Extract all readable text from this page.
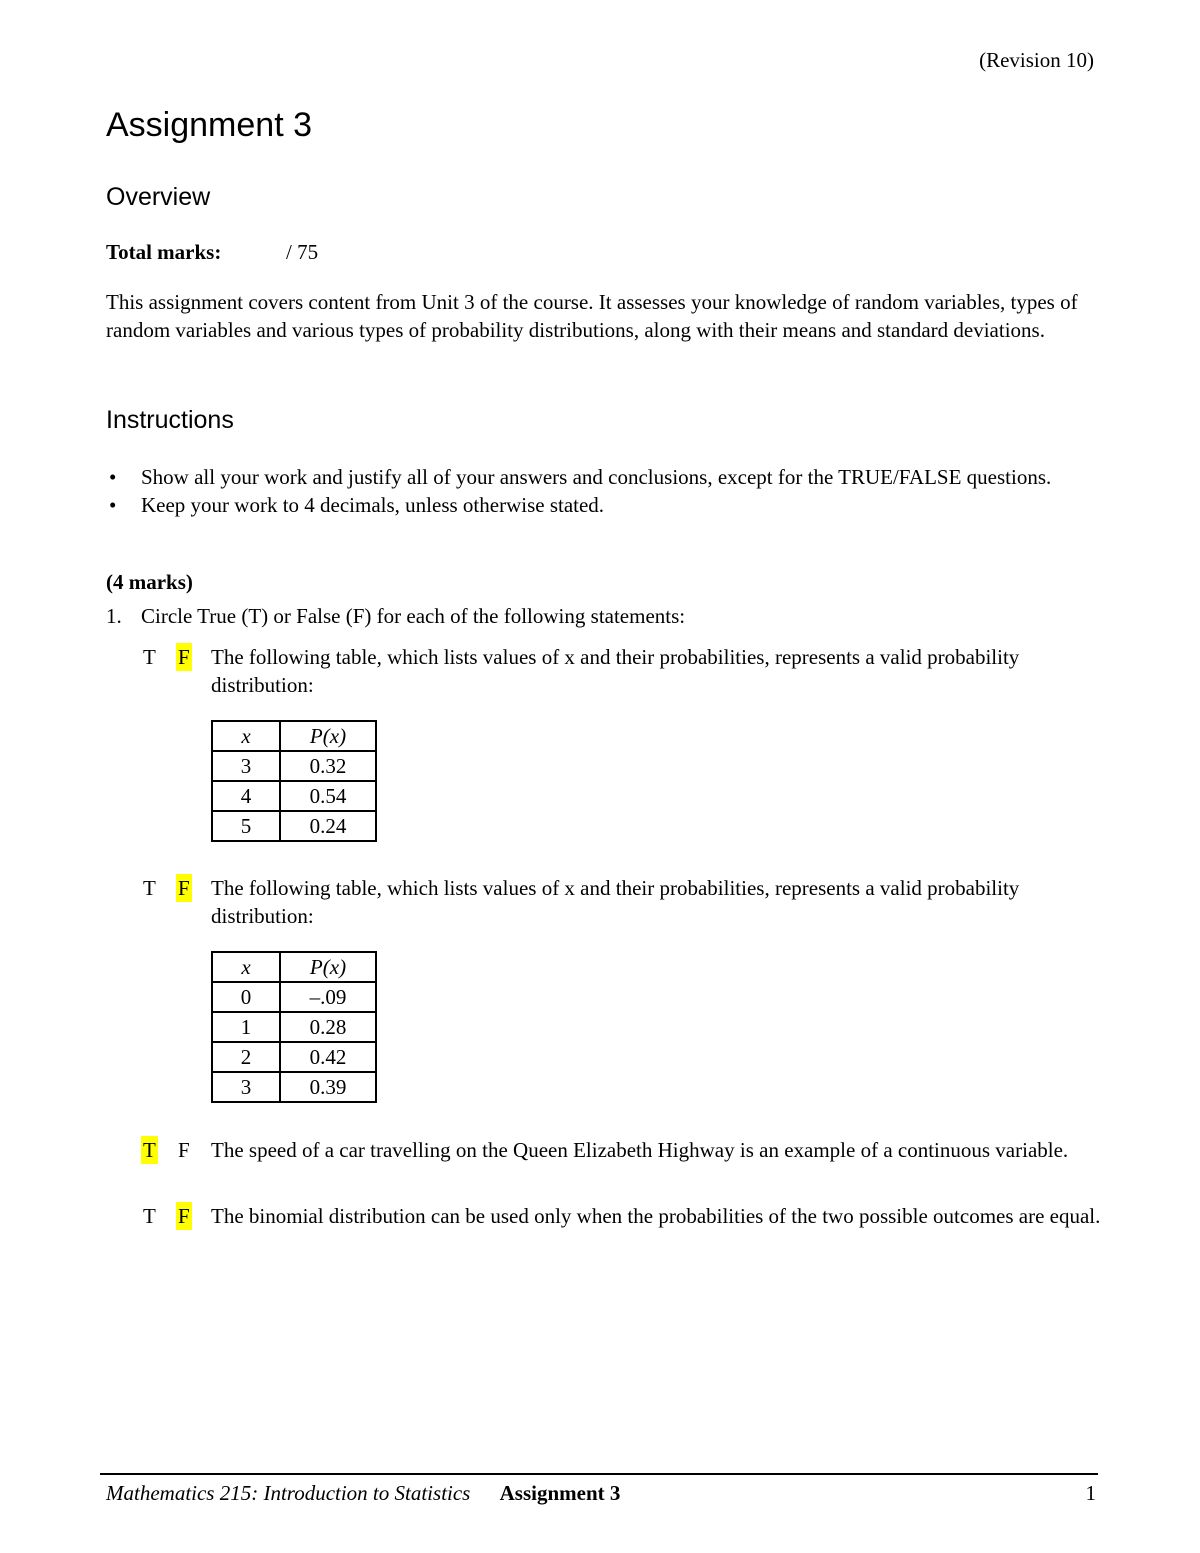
(Revision 10)
Assignment 3
Overview
Total marks:	/ 75
This assignment covers content from Unit 3 of the course. It assesses your knowledge of random variables, types of random variables and various types of probability distributions, along with their means and standard deviations.
Instructions
• Show all your work and justify all of your answers and conclusions, except for the TRUE/FALSE questions.
• Keep your work to 4 decimals, unless otherwise stated.
(4 marks)
1. Circle True (T) or False (F) for each of the following statements:
T F The following table, which lists values of x and their probabilities, represents a valid probability distribution:
x	P(x)
3	0.32
4	0.54
5	0.24
T F The following table, which lists values of x and their probabilities, represents a valid probability distribution:
x	P(x)
0	–.09
1	0.28
2	0.42
3	0.39
T F The speed of a car travelling on the Queen Elizabeth Highway is an example of a continuous variable.
T F The binomial distribution can be used only when the probabilities of the two possible outcomes are equal.
Mathematics 215: Introduction to Statistics Assignment 3	1
